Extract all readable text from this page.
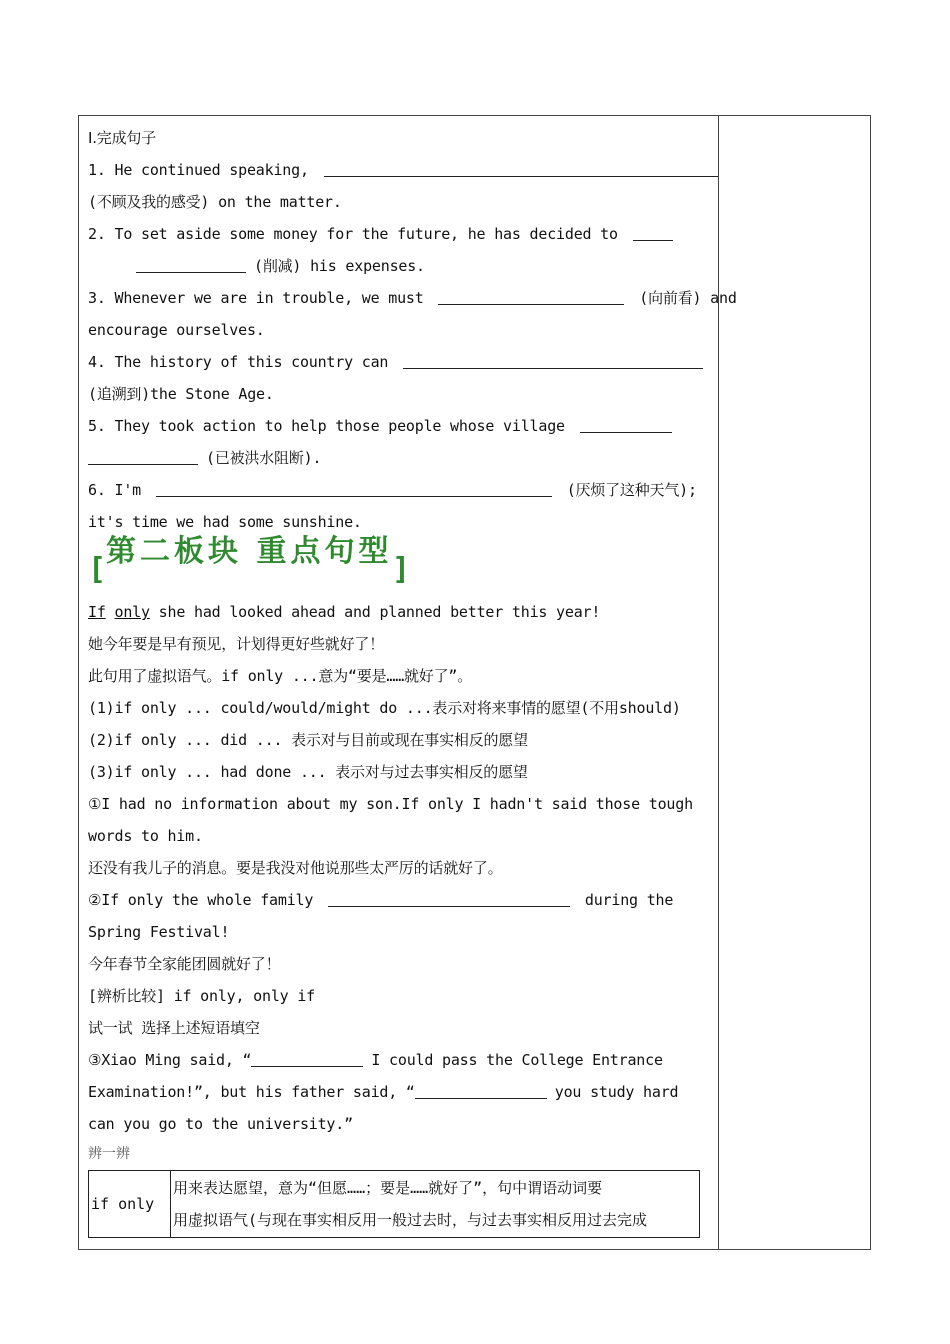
Ⅰ.完成句子
1. He continued speaking,
(不顾及我的感受) on the matter.
2. To set aside some money for the future, he has decided to
(削减) his expenses.
3. Whenever we are in trouble, we must	(向前看) and
encourage ourselves.
4. The history of this country can
(追溯到)the Stone Age.
5. They took action to help those people whose village
(已被洪水阻断).
6. I'm	(厌烦了这种天气);
it's time we had some sunshine.
[
第二板块 重点句型
]
If only she had looked ahead and planned better this year!
她今年要是早有预见，计划得更好些就好了！
此句用了虚拟语气。if only ...意为“要是……就好了”。
(1)if only ... could/would/might do ...表示对将来事情的愿望(不用should)
(2)if only ... did ... 表示对与目前或现在事实相反的愿望
(3)if only ... had done ... 表示对与过去事实相反的愿望
①I had no information about my son.If only I hadn't said those tough
words to him.
还没有我儿子的消息。要是我没对他说那些太严厉的话就好了。
②If only the whole family	during the
Spring Festival!
今年春节全家能团圆就好了！
[辨析比较] if only, only if
试一试 选择上述短语填空
③Xiao Ming said, “	I could pass the College Entrance
Examination!”, but his father said, “	you study hard
can you go to the university.”
辨一辨
if only	
用来表达愿望，意为“但愿……；要是……就好了”，句中谓语动词要
用虚拟语气(与现在事实相反用一般过去时，与过去事实相反用过去完成
